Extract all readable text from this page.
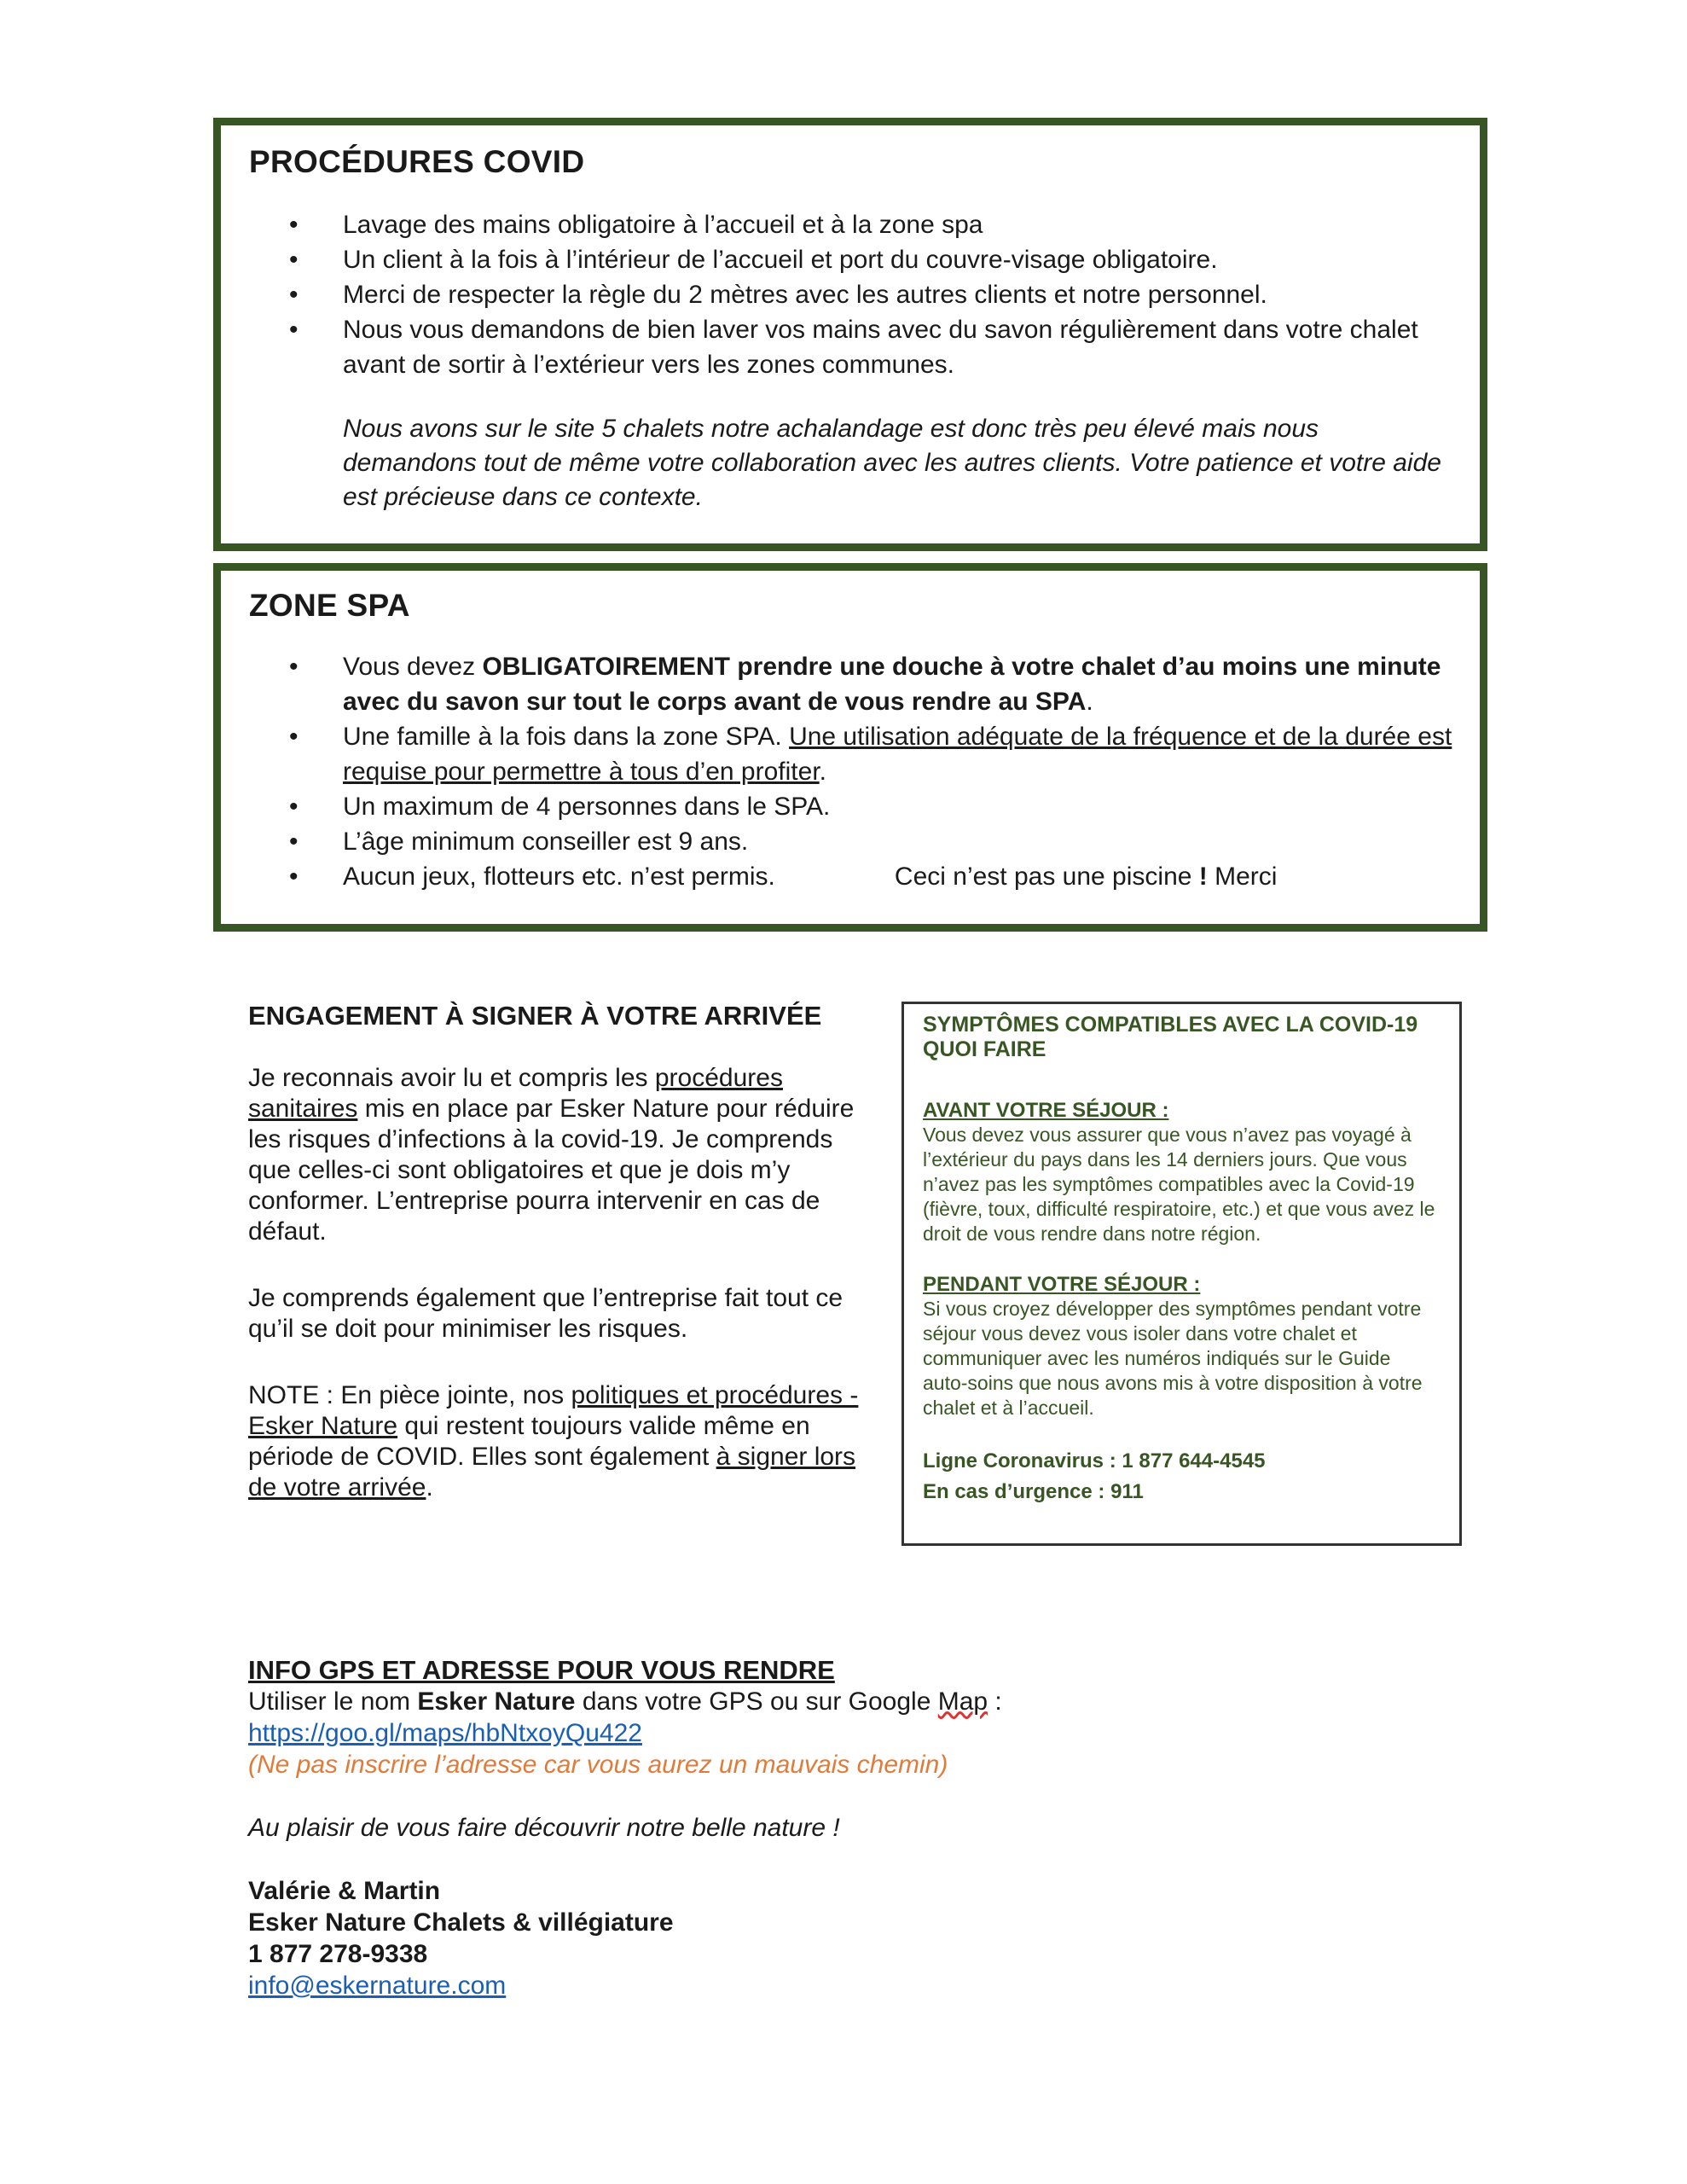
PROCÉDURES COVID
• Lavage des mains obligatoire à l’accueil et à la zone spa
• Un client à la fois à l’intérieur de l’accueil et port du couvre-visage obligatoire.
• Merci de respecter la règle du 2 mètres avec les autres clients et notre personnel.
• Nous vous demandons de bien laver vos mains avec du savon régulièrement dans votre chalet avant de sortir à l’extérieur vers les zones communes.
Nous avons sur le site 5 chalets notre achalandage est donc très peu élevé mais nous demandons tout de même votre collaboration avec les autres clients. Votre patience et votre aide est précieuse dans ce contexte.
ZONE SPA
• Vous devez OBLIGATOIREMENT prendre une douche à votre chalet d’au moins une minute avec du savon sur tout le corps avant de vous rendre au SPA.
• Une famille à la fois dans la zone SPA. Une utilisation adéquate de la fréquence et de la durée est requise pour permettre à tous d’en profiter.
• Un maximum de 4 personnes dans le SPA.
• L’âge minimum conseiller est 9 ans.
• Aucun jeux, flotteurs etc. n’est permis.	Ceci n’est pas une piscine ! Merci
ENGAGEMENT À SIGNER À VOTRE ARRIVÉE

Je reconnais avoir lu et compris les procédures sanitaires mis en place par Esker Nature pour réduire les risques d’infections à la covid-19. Je comprends que celles-ci sont obligatoires et que je dois m’y conformer. L’entreprise pourra intervenir en cas de défaut.

Je comprends également que l’entreprise fait tout ce qu’il se doit pour minimiser les risques.

NOTE : En pièce jointe, nos politiques et procédures - Esker Nature qui restent toujours valide même en période de COVID. Elles sont également à signer lors de votre arrivée.

SYMPTÔMES COMPATIBLES AVEC LA COVID-19 QUOI FAIRE

AVANT VOTRE SÉJOUR :
Vous devez vous assurer que vous n’avez pas voyagé à l’extérieur du pays dans les 14 derniers jours. Que vous n’avez pas les symptômes compatibles avec la Covid-19 (fièvre, toux, difficulté respiratoire, etc.) et que vous avez le droit de vous rendre dans notre région.

PENDANT VOTRE SÉJOUR :
Si vous croyez développer des symptômes pendant votre séjour vous devez vous isoler dans votre chalet et communiquer avec les numéros indiqués sur le Guide auto-soins que nous avons mis à votre disposition à votre chalet et à l’accueil.

Ligne Coronavirus : 1 877 644-4545
En cas d’urgence : 911
INFO GPS ET ADRESSE POUR VOUS RENDRE
Utiliser le nom Esker Nature dans votre GPS ou sur Google Map :
https://goo.gl/maps/hbNtxoyQu422
(Ne pas inscrire l’adresse car vous aurez un mauvais chemin)
Au plaisir de vous faire découvrir notre belle nature !
Valérie & Martin
Esker Nature Chalets & villégiature
1 877 278-9338
info@eskernature.com
